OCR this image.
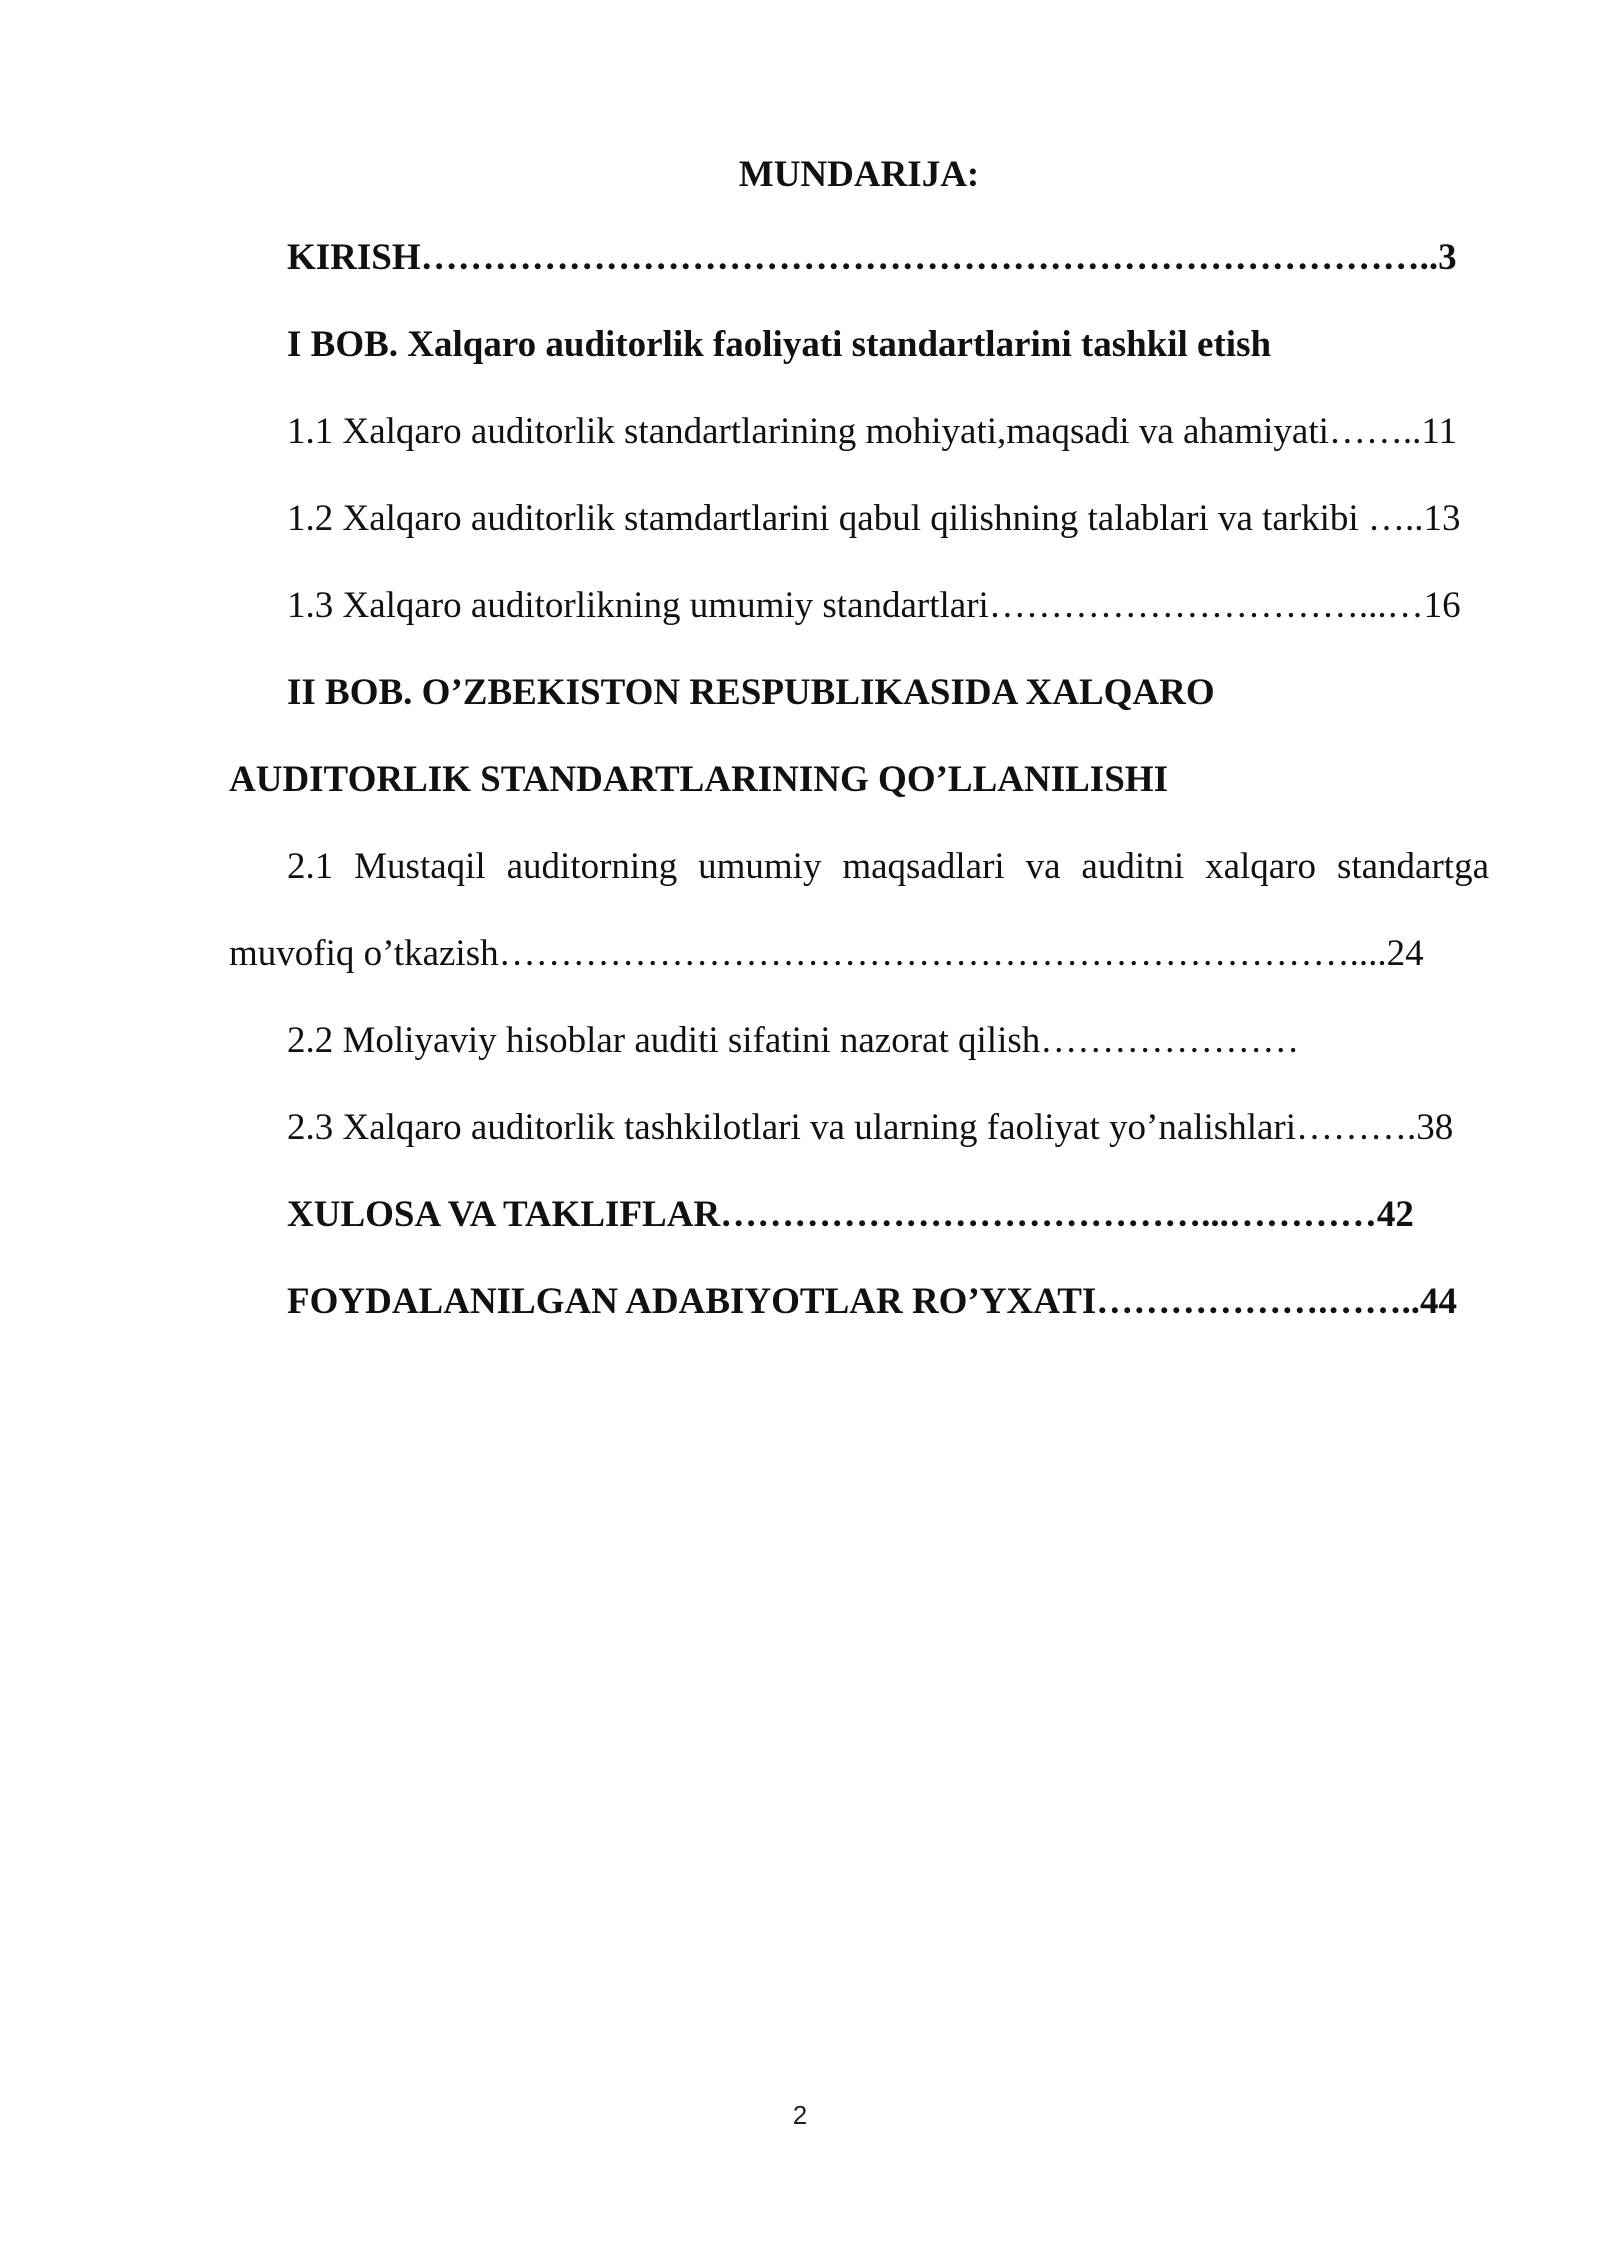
MUNDARIJA:
KIRISH………………………………………………………………………..3
I BOB. Xalqaro auditorlik faoliyati standartlarini tashkil etish
1.1 Xalqaro auditorlik standartlarining mohiyati,maqsadi va ahamiyati……..11
1.2 Xalqaro auditorlik stamdartlarini qabul qilishning talablari va tarkibi …..13
1.3 Xalqaro auditorlikning umumiy standartlari…………………………...…16
II BOB. O’ZBEKISTON RESPUBLIKASIDA XALQARO
AUDITORLIK STANDARTLARINING QO’LLANILISHI
2.1 Mustaqil auditorning umumiy maqsadlari va auditni xalqaro standartga
muvofiq o’tkazish……………………………………………………………....24
2.2 Moliyaviy hisoblar auditi sifatini nazorat qilish…………………
2.3 Xalqaro auditorlik tashkilotlari va ularning faoliyat yo’nalishlari……….38
XULOSA VA TAKLIFLAR…………………………………...…………42
FOYDALANILGAN ADABIYOTLAR RO’YXATI……………….……..44
2
